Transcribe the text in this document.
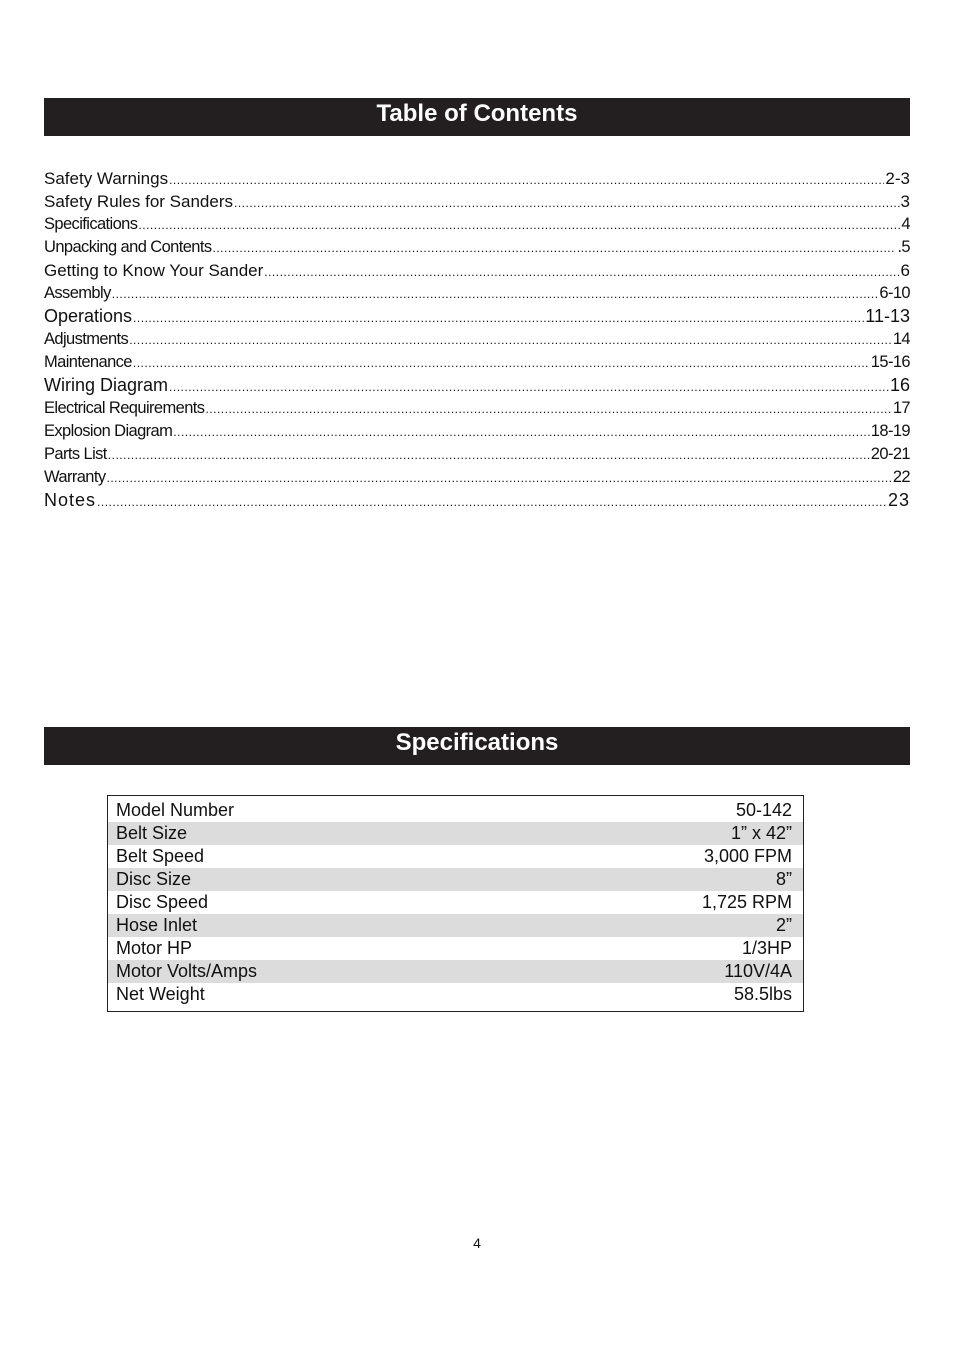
Table of Contents
Safety Warnings .....	2-3
Safety Rules for Sanders .....	3
Specifications .....	4
Unpacking and Contents .....	.5
Getting to Know Your Sander .....	6
Assembly .....	6-10
Operations .....	11-13
Adjustments .....	14
Maintenance .....	15-16
Wiring Diagram .....	16
Electrical Requirements .....	17
Explosion Diagram .....	18-19
Parts List .....	20-21
Warranty .....	22
Notes .....	23
Specifications
Model Number	50-142
Belt Size	1” x 42”
Belt Speed	3,000 FPM
Disc Size	8”
Disc Speed	1,725 RPM
Hose Inlet	2”
Motor HP	1/3HP
Motor Volts/Amps	110V/4A
Net Weight	58.5lbs
4
